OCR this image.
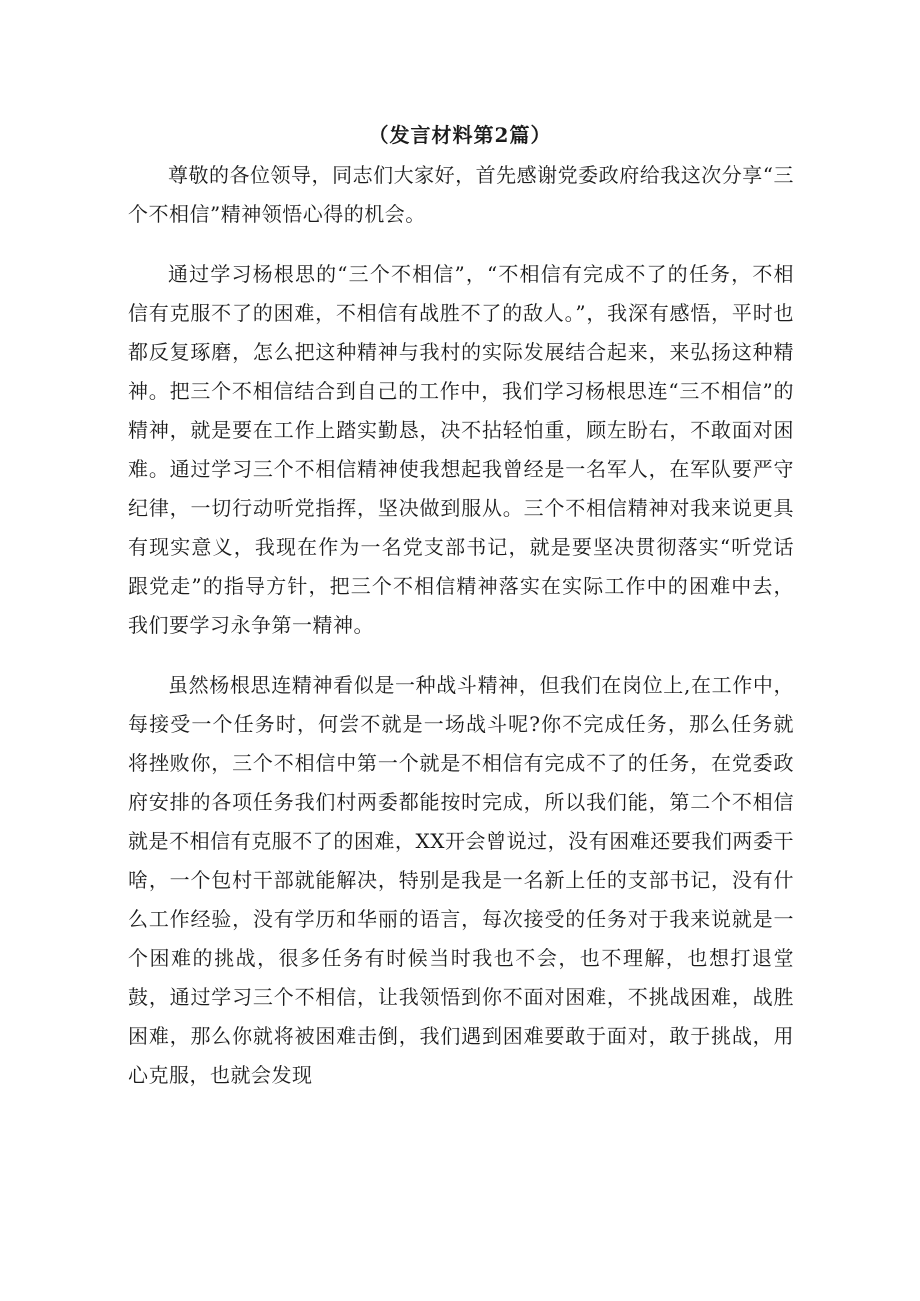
（发言材料第2篇）

尊敬的各位领导，同志们大家好，首先感谢党委政府给我这次分享“三个不相信”精神领悟心得的机会。

通过学习杨根思的“三个不相信”，“不相信有完成不了的任务，不相信有克服不了的困难，不相信有战胜不了的敌人。”，我深有感悟，平时也都反复琢磨，怎么把这种精神与我村的实际发展结合起来，来弘扬这种精神。把三个不相信结合到自己的工作中，我们学习杨根思连“三不相信”的精神，就是要在工作上踏实勤恳，决不拈轻怕重，顾左盼右，不敢面对困难。通过学习三个不相信精神使我想起我曾经是一名军人，在军队要严守纪律，一切行动听党指挥，坚决做到服从。三个不相信精神对我来说更具有现实意义，我现在作为一名党支部书记，就是要坚决贯彻落实“听党话跟党走”的指导方针，把三个不相信精神落实在实际工作中的困难中去，我们要学习永争第一精神。

虽然杨根思连精神看似是一种战斗精神，但我们在岗位上,在工作中，每接受一个任务时，何尝不就是一场战斗呢?你不完成任务，那么任务就将挫败你，三个不相信中第一个就是不相信有完成不了的任务，在党委政府安排的各项任务我们村两委都能按时完成，所以我们能，第二个不相信就是不相信有克服不了的困难，XX开会曾说过，没有困难还要我们两委干啥，一个包村干部就能解决，特别是我是一名新上任的支部书记，没有什么工作经验，没有学历和华丽的语言，每次接受的任务对于我来说就是一个困难的挑战，很多任务有时候当时我也不会，也不理解，也想打退堂鼓，通过学习三个不相信，让我领悟到你不面对困难，不挑战困难，战胜困难，那么你就将被困难击倒，我们遇到困难要敢于面对，敢于挑战，用心克服，也就会发现
